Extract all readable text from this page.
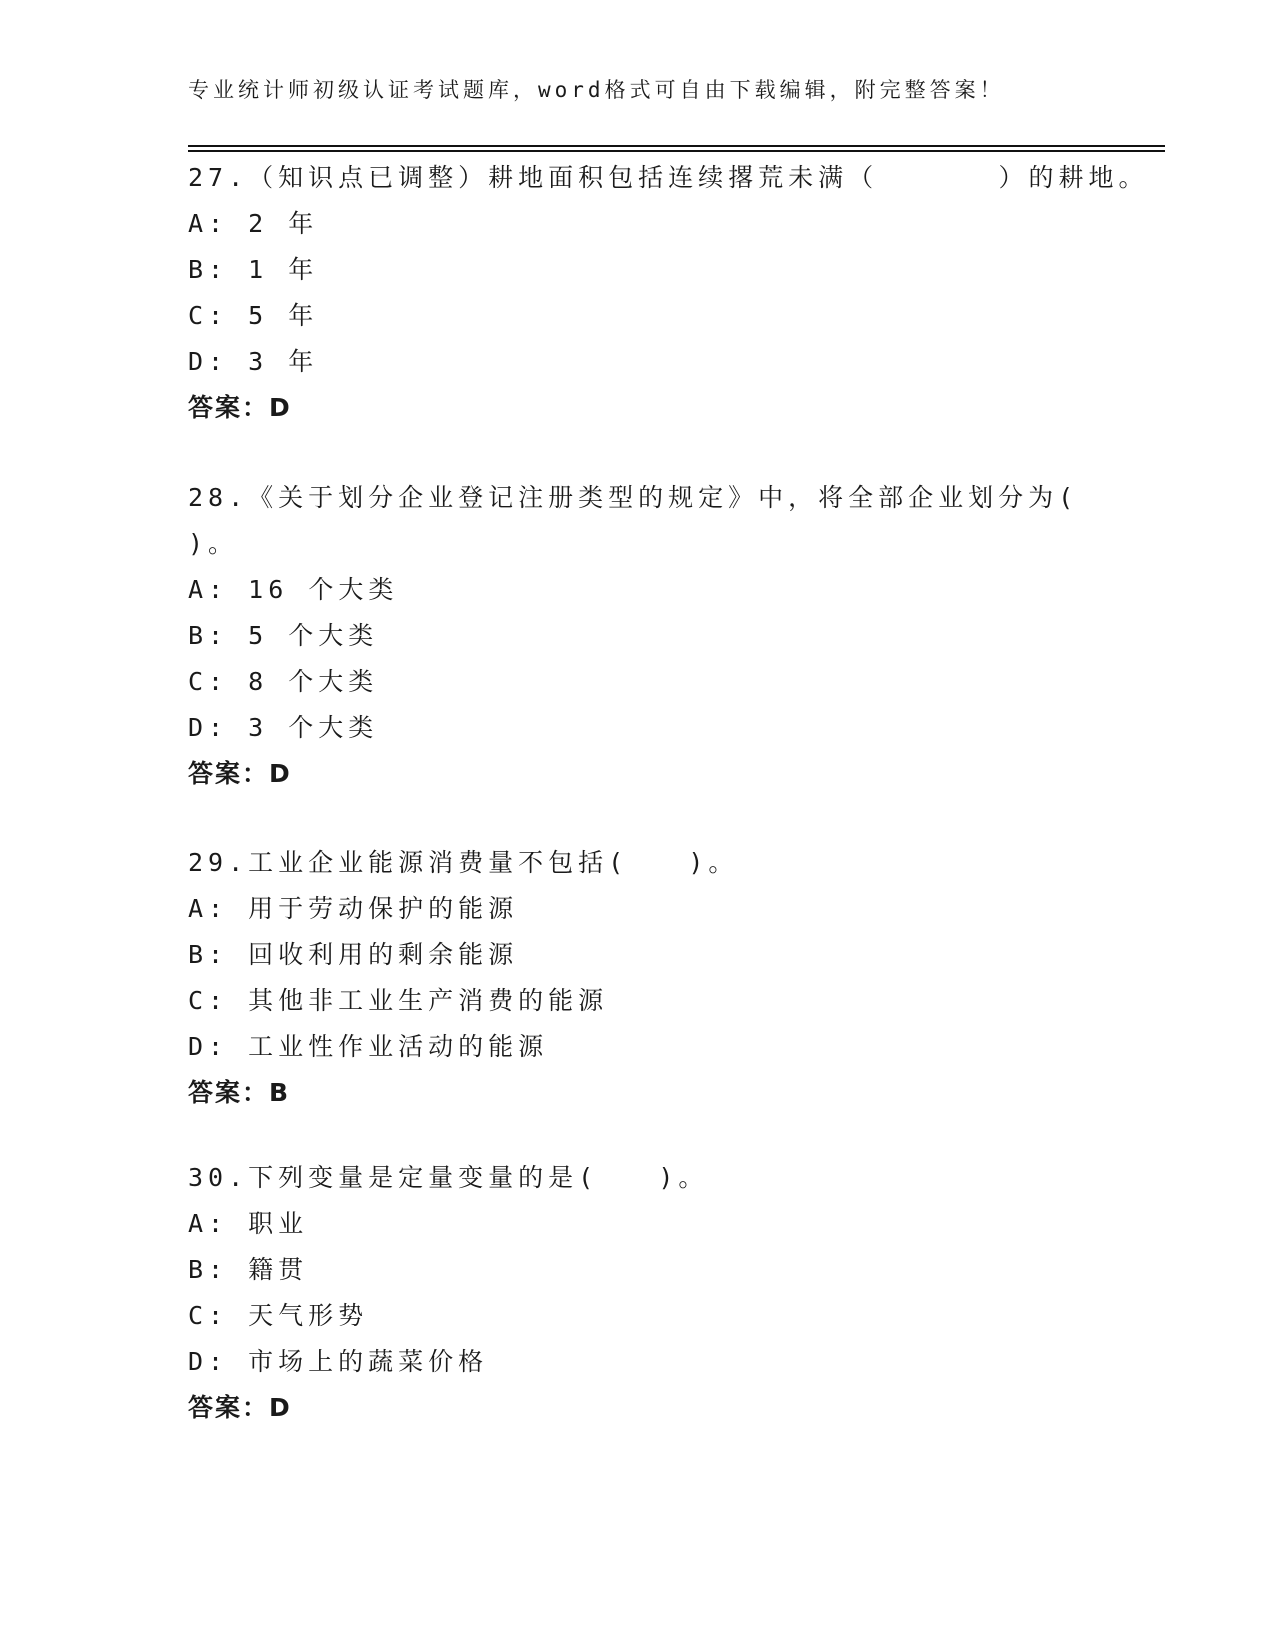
专业统计师初级认证考试题库，word格式可自由下载编辑，附完整答案！
27.（知识点已调整）耕地面积包括连续撂荒未满（      ）的耕地。
A: 2 年
B: 1 年
C: 5 年
D: 3 年
答案：D
28.《关于划分企业登记注册类型的规定》中，将全部企业划分为(
)。
A: 16 个大类
B: 5 个大类
C: 8 个大类
D: 3 个大类
答案：D
29.工业企业能源消费量不包括(   )。
A: 用于劳动保护的能源
B: 回收利用的剩余能源
C: 其他非工业生产消费的能源
D: 工业性作业活动的能源
答案：B
30.下列变量是定量变量的是(   )。
A: 职业
B: 籍贯
C: 天气形势
D: 市场上的蔬菜价格
答案：D
